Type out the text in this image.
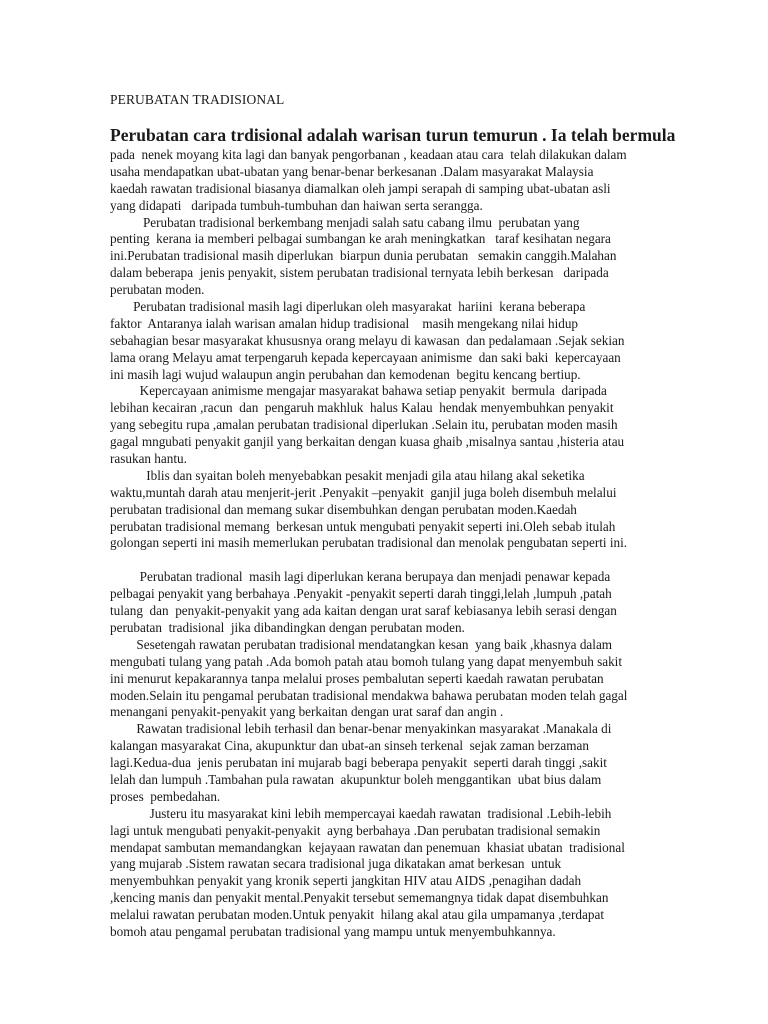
PERUBATAN TRADISIONAL
Perubatan cara trdisional adalah warisan turun temurun . Ia telah bermula
pada  nenek moyang kita lagi dan banyak pengorbanan , keadaan atau cara  telah dilakukan dalam
usaha mendapatkan ubat-ubatan yang benar-benar berkesanan .Dalam masyarakat Malaysia
kaedah rawatan tradisional biasanya diamalkan oleh jampi serapah di samping ubat-ubatan asli
yang didapati   daripada tumbuh-tumbuhan dan haiwan serta serangga.
Perubatan tradisional berkembang menjadi salah satu cabang ilmu  perubatan yang
penting  kerana ia memberi pelbagai sumbangan ke arah meningkatkan   taraf kesihatan negara
ini.Perubatan tradisional masih diperlukan  biarpun dunia perubatan   semakin canggih.Malahan
dalam beberapa  jenis penyakit, sistem perubatan tradisional ternyata lebih berkesan   daripada
perubatan moden.
Perubatan tradisional masih lagi diperlukan oleh masyarakat  hariini  kerana beberapa
faktor  Antaranya ialah warisan amalan hidup tradisional    masih mengekang nilai hidup
sebahagian besar masyarakat khususnya orang melayu di kawasan  dan pedalamaan .Sejak sekian
lama orang Melayu amat terpengaruh kepada kepercayaan animisme  dan saki baki  kepercayaan
ini masih lagi wujud walaupun angin perubahan dan kemodenan  begitu kencang bertiup.
Kepercayaan animisme mengajar masyarakat bahawa setiap penyakit  bermula  daripada
lebihan kecairan ,racun  dan  pengaruh makhluk  halus Kalau  hendak menyembuhkan penyakit
yang sebegitu rupa ,amalan perubatan tradisional diperlukan .Selain itu, perubatan moden masih
gagal mngubati penyakit ganjil yang berkaitan dengan kuasa ghaib ,misalnya santau ,histeria atau
rasukan hantu.
Iblis dan syaitan boleh menyebabkan pesakit menjadi gila atau hilang akal seketika
waktu,muntah darah atau menjerit-jerit .Penyakit –penyakit  ganjil juga boleh disembuh melalui
perubatan tradisional dan memang sukar disembuhkan dengan perubatan moden.Kaedah
perubatan tradisional memang  berkesan untuk mengubati penyakit seperti ini.Oleh sebab itulah
golongan seperti ini masih memerlukan perubatan tradisional dan menolak pengubatan seperti ini.
Perubatan tradional  masih lagi diperlukan kerana berupaya dan menjadi penawar kepada
pelbagai penyakit yang berbahaya .Penyakit -penyakit seperti darah tinggi,lelah ,lumpuh ,patah
tulang  dan  penyakit-penyakit yang ada kaitan dengan urat saraf kebiasanya lebih serasi dengan
perubatan  tradisional  jika dibandingkan dengan perubatan moden.
Sesetengah rawatan perubatan tradisional mendatangkan kesan  yang baik ,khasnya dalam
mengubati tulang yang patah .Ada bomoh patah atau bomoh tulang yang dapat menyembuh sakit
ini menurut kepakarannya tanpa melalui proses pembalutan seperti kaedah rawatan perubatan
moden.Selain itu pengamal perubatan tradisional mendakwa bahawa perubatan moden telah gagal
menangani penyakit-penyakit yang berkaitan dengan urat saraf dan angin .
Rawatan tradisional lebih terhasil dan benar-benar menyakinkan masyarakat .Manakala di
kalangan masyarakat Cina, akupunktur dan ubat-an sinseh terkenal  sejak zaman berzaman
lagi.Kedua-dua  jenis perubatan ini mujarab bagi beberapa penyakit  seperti darah tinggi ,sakit
lelah dan lumpuh .Tambahan pula rawatan  akupunktur boleh menggantikan  ubat bius dalam
proses  pembedahan.
Justeru itu masyarakat kini lebih mempercayai kaedah rawatan  tradisional .Lebih-lebih
lagi untuk mengubati penyakit-penyakit  ayng berbahaya .Dan perubatan tradisional semakin
mendapat sambutan memandangkan  kejayaan rawatan dan penemuan  khasiat ubatan  tradisional
yang mujarab .Sistem rawatan secara tradisional juga dikatakan amat berkesan  untuk
menyembuhkan penyakit yang kronik seperti jangkitan HIV atau AIDS ,penagihan dadah
,kencing manis dan penyakit mental.Penyakit tersebut sememangnya tidak dapat disembuhkan
melalui rawatan perubatan moden.Untuk penyakit  hilang akal atau gila umpamanya ,terdapat
bomoh atau pengamal perubatan tradisional yang mampu untuk menyembuhkannya.
